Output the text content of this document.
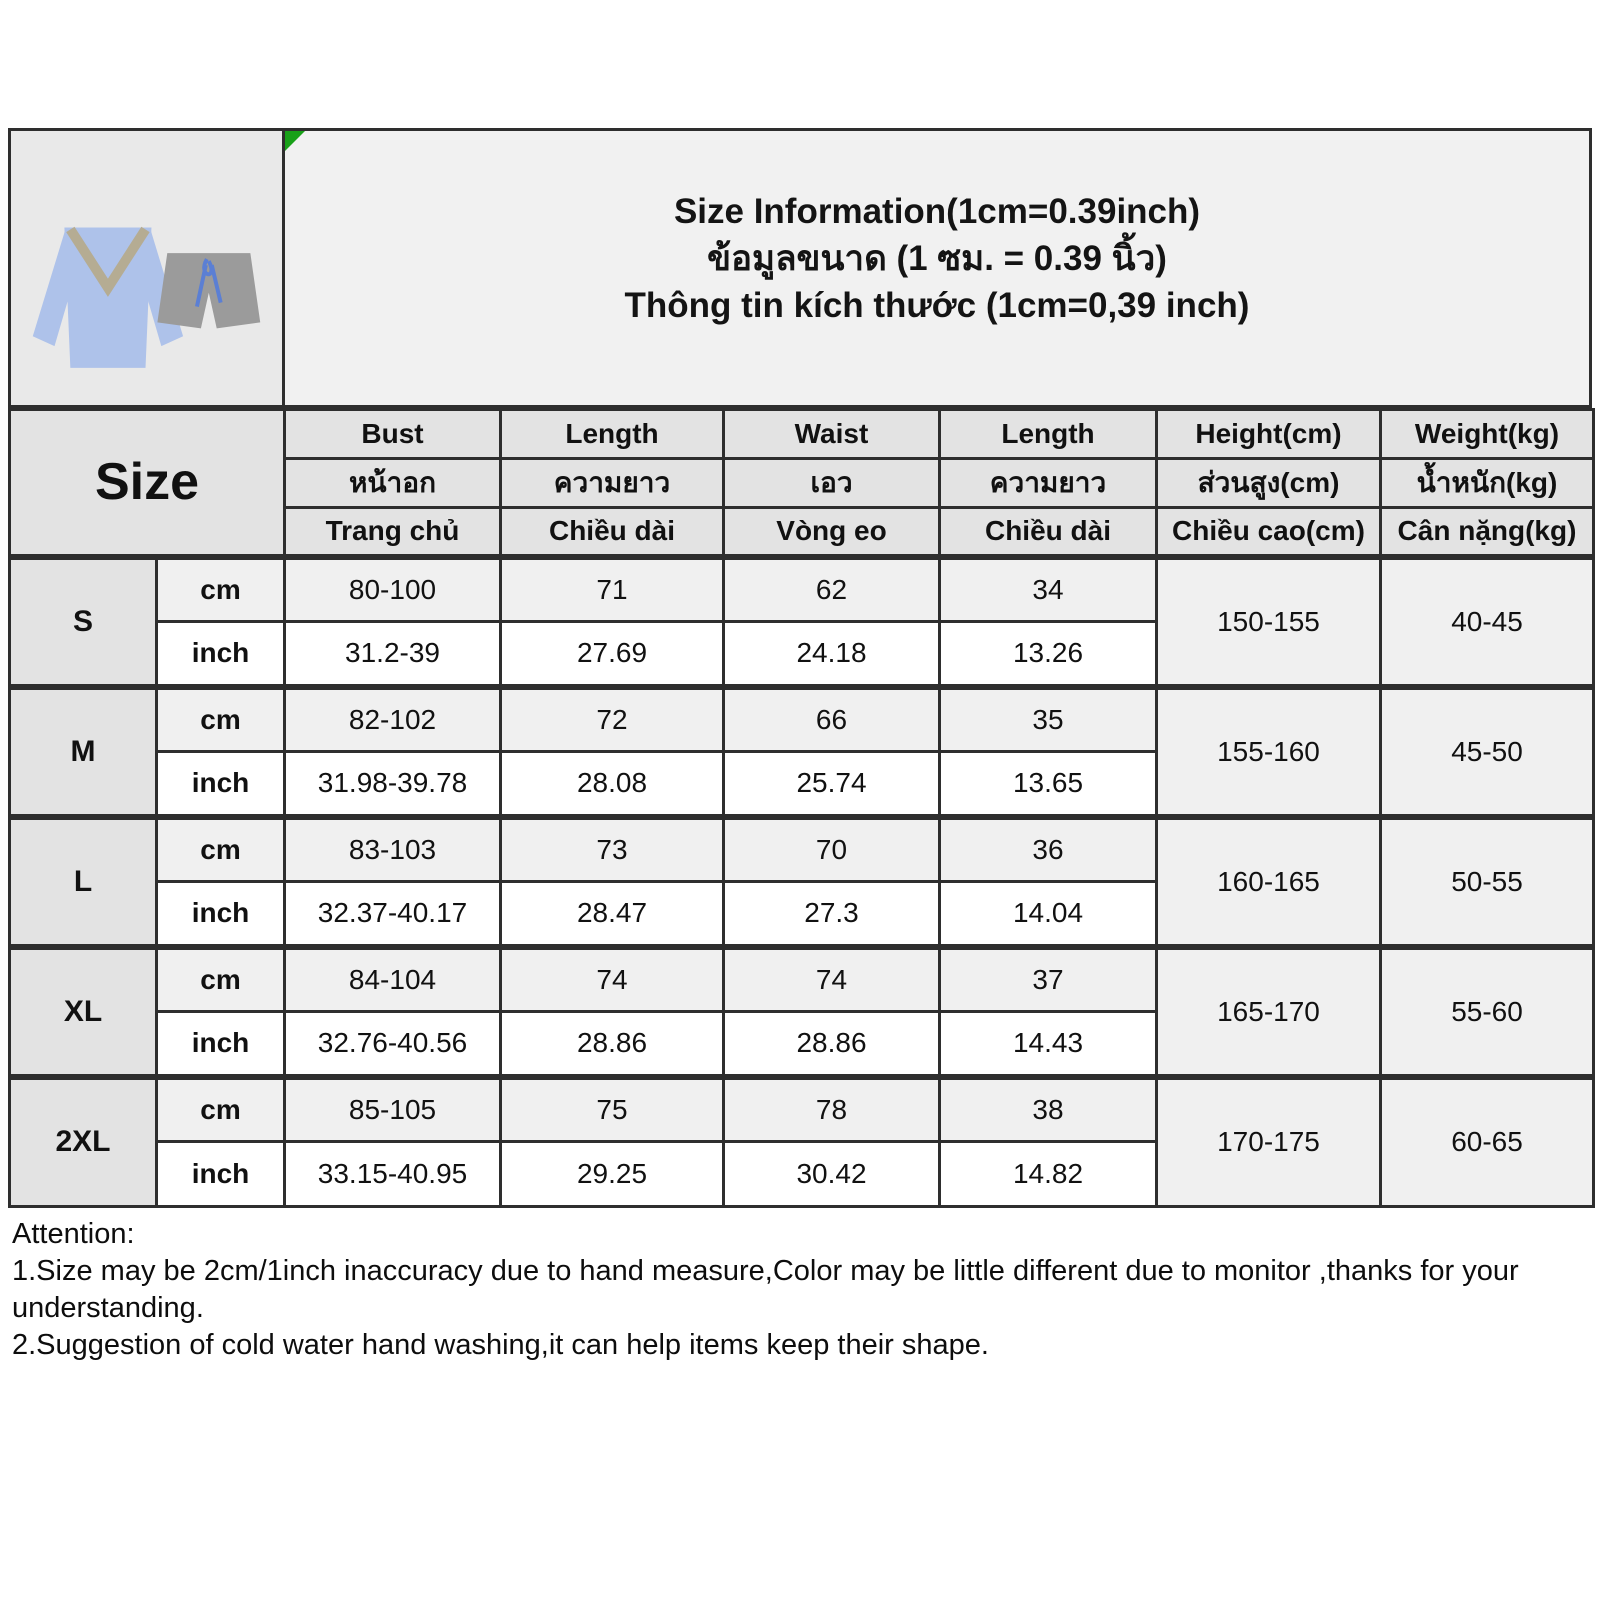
Size Information(1cm=0.39inch)
ข้อมูลขนาด (1 ซม. = 0.39 นิ้ว)
Thông tin kích thước (1cm=0,39 inch)
Size		Bust	Length	Waist	Length	Height(cm)	Weight(kg)
		หน้าอก	ความยาว	เอว	ความยาว	ส่วนสูง(cm)	น้ำหนัก(kg)
		Trang chủ	Chiều dài	Vòng eo	Chiều dài	Chiều cao(cm)	Cân nặng(kg)
S	cm	80-100	71	62	34	150-155	40-45
	inch	31.2-39	27.69	24.18	13.26		
M	cm	82-102	72	66	35	155-160	45-50
	inch	31.98-39.78	28.08	25.74	13.65		
L	cm	83-103	73	70	36	160-165	50-55
	inch	32.37-40.17	28.47	27.3	14.04		
XL	cm	84-104	74	74	37	165-170	55-60
	inch	32.76-40.56	28.86	28.86	14.43		
2XL	cm	85-105	75	78	38	170-175	60-65
	inch	33.15-40.95	29.25	30.42	14.82		

Attention:

1.Size may be 2cm/1inch inaccuracy due to hand measure,Color may be little different due to monitor ,thanks for your understanding.

2.Suggestion of cold water hand washing,it can help items keep their shape.
